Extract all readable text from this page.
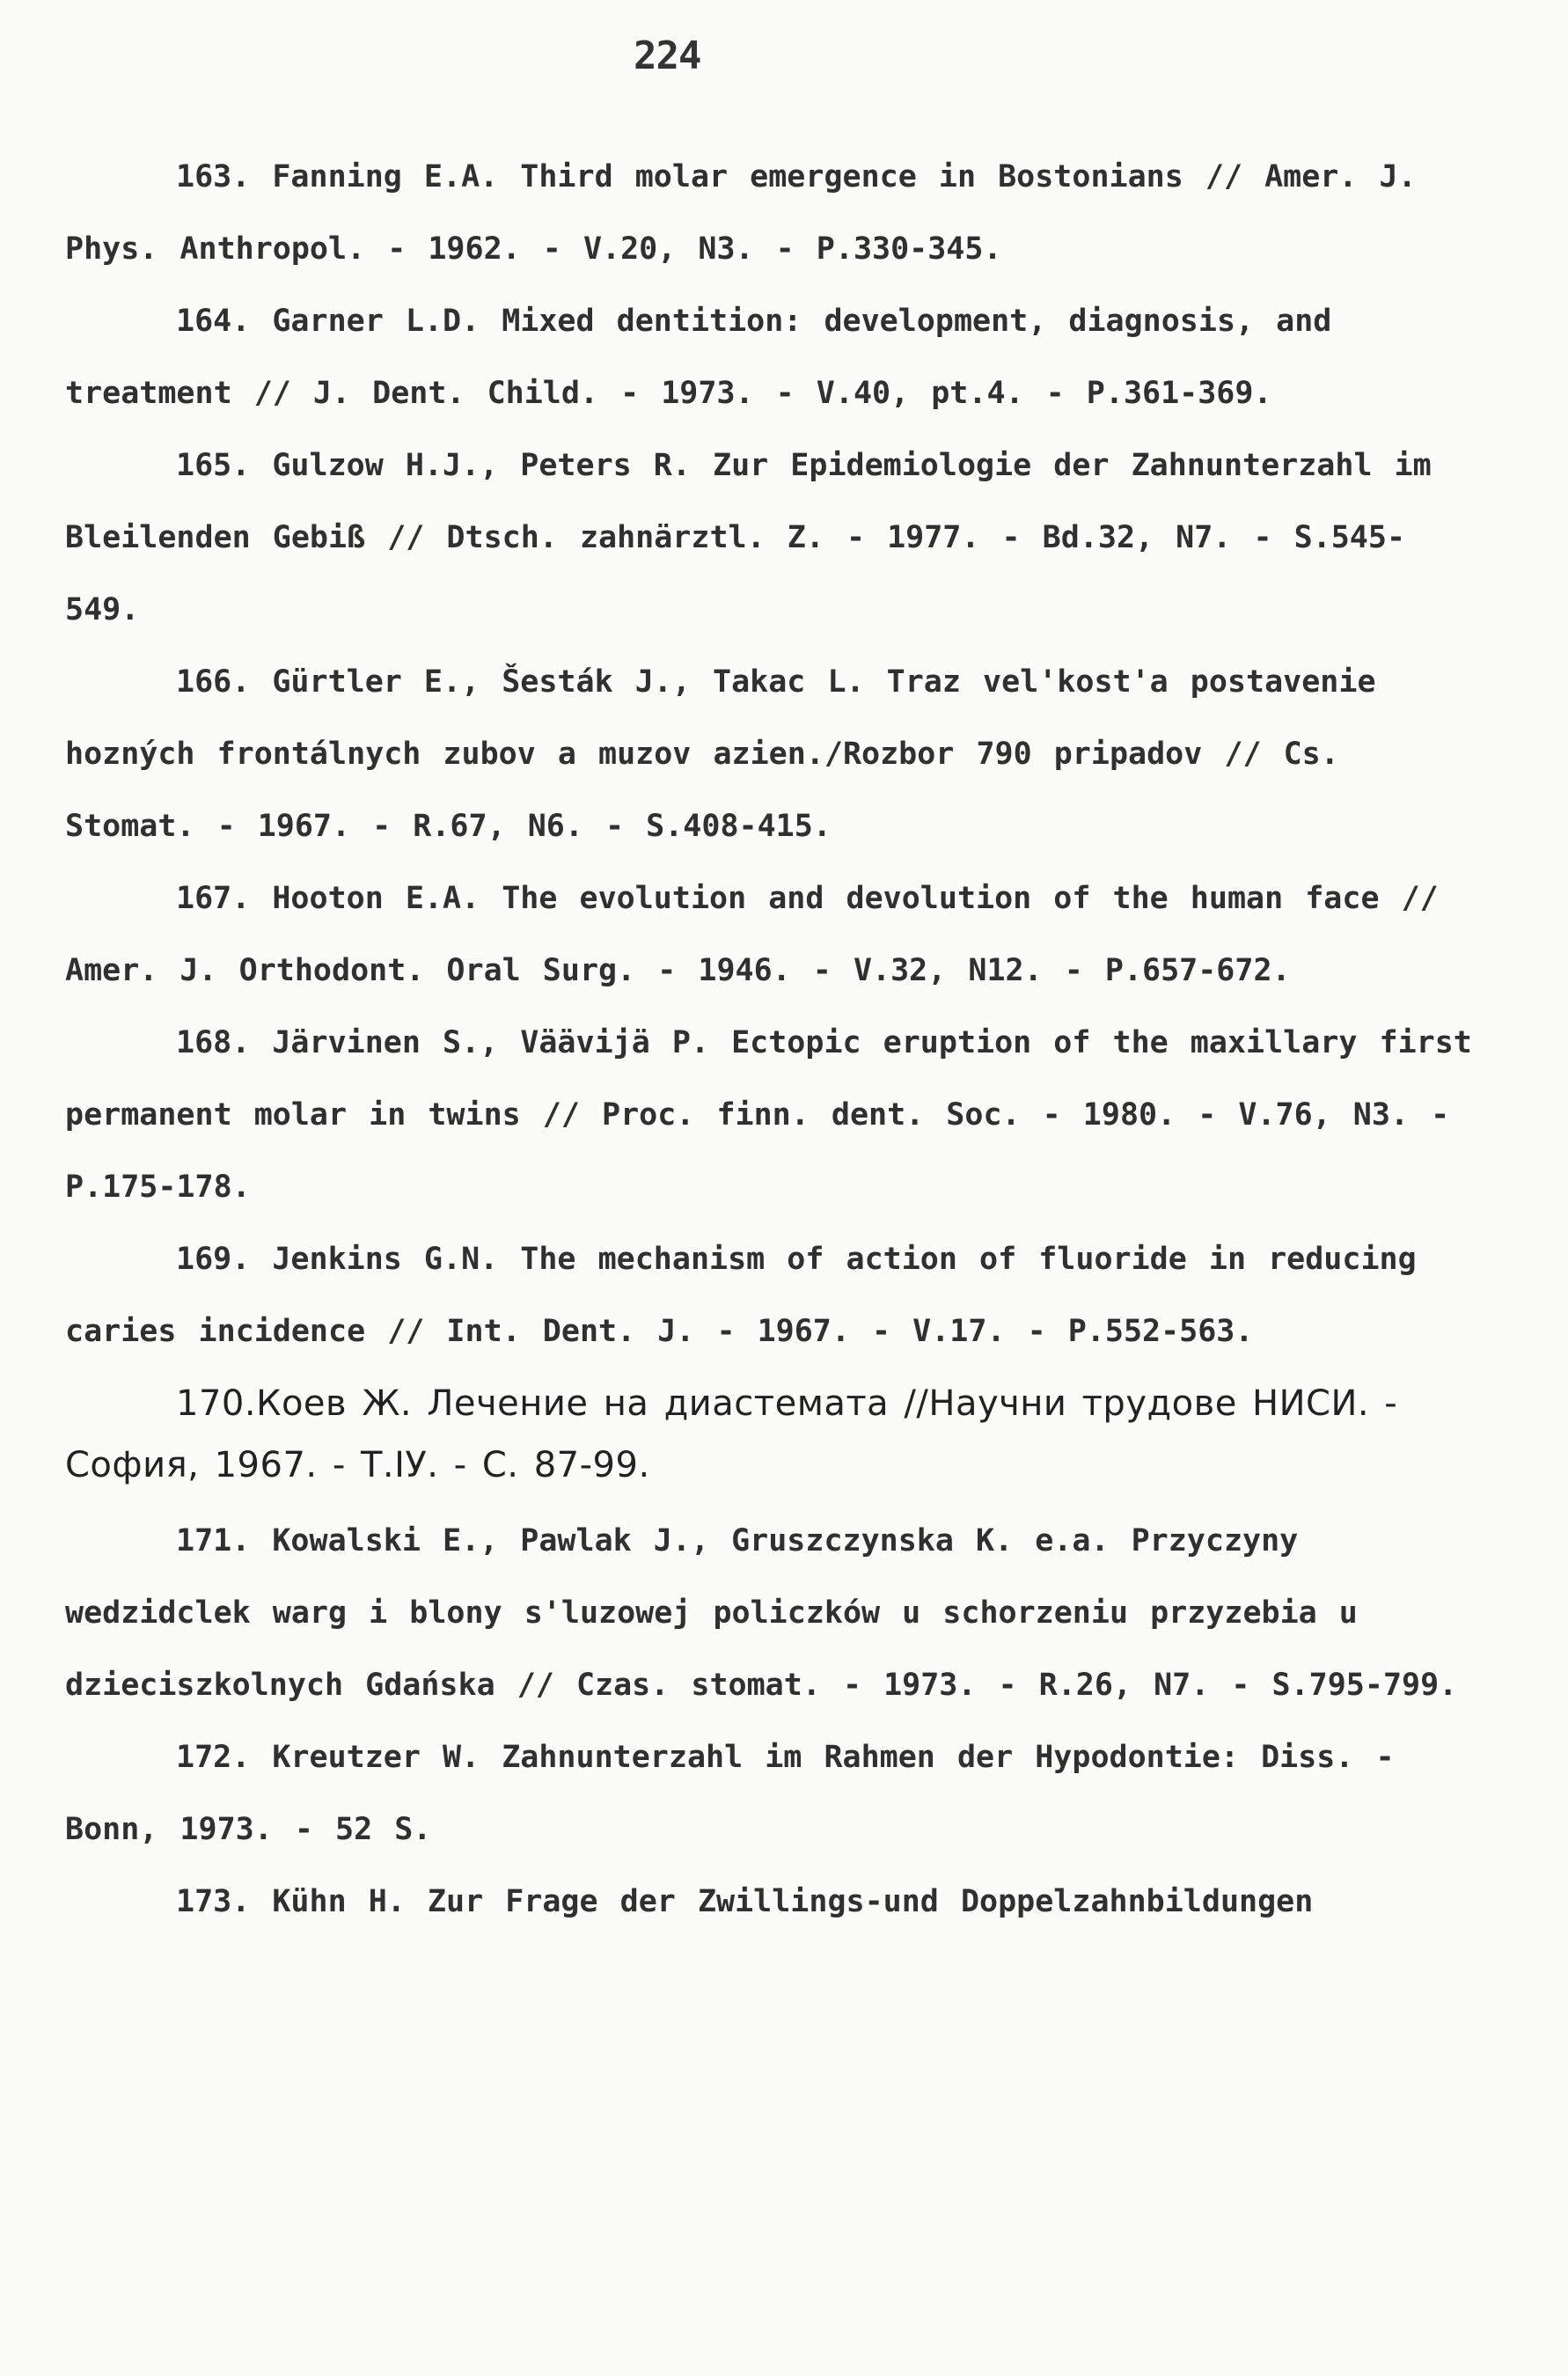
224

163. Fanning E.A. Third molar emergence in Bostonians // Amer. J. Phys. Anthropol. - 1962. - V.20, N3. - P.330-345.

164. Garner L.D. Mixed dentition: development, diagnosis, and treatment // J. Dent. Child. - 1973. - V.40, pt.4. - P.361-369.

165. Gulzow H.J., Peters R. Zur Epidemiologie der Zahnunterzahl im Bleilenden Gebiß // Dtsch. zahnärztl. Z. - 1977. - Bd.32, N7. - S.545-549.

166. Gürtler E., Šesták J., Takac L. Traz vel'kost'a postavenie hozných frontálnych zubov a muzov azien./Rozbor 790 pripadov // Cs. Stomat. - 1967. - R.67, N6. - S.408-415.

167. Hooton E.A. The evolution and devolution of the human face // Amer. J. Orthodont. Oral Surg. - 1946. - V.32, N12. - P.657-672.

168. Järvinen S., Väävijä P. Ectopic eruption of the maxillary first permanent molar in twins // Proc. finn. dent. Soc. - 1980. - V.76, N3. - P.175-178.

169. Jenkins G.N. The mechanism of action of fluoride in reducing caries incidence // Int. Dent. J. - 1967. - V.17. - P.552-563.

170.Коев Ж. Лечение на диастемата //Научни трудове НИСИ. - София, 1967. - Т.IУ. - С. 87-99.

171. Kowalski E., Pawlak J., Gruszczynska K. e.a. Przyczyny wedzidclek warg i blony s'luzowej policzków u schorzeniu przyzebia u dzieciszkolnych Gdańska // Czas. stomat. - 1973. - R.26, N7. - S.795-799.

172. Kreutzer W. Zahnunterzahl im Rahmen der Hypodontie: Diss. - Bonn, 1973. - 52 S.

173. Kühn H. Zur Frage der Zwillings-und Doppelzahnbildungen
